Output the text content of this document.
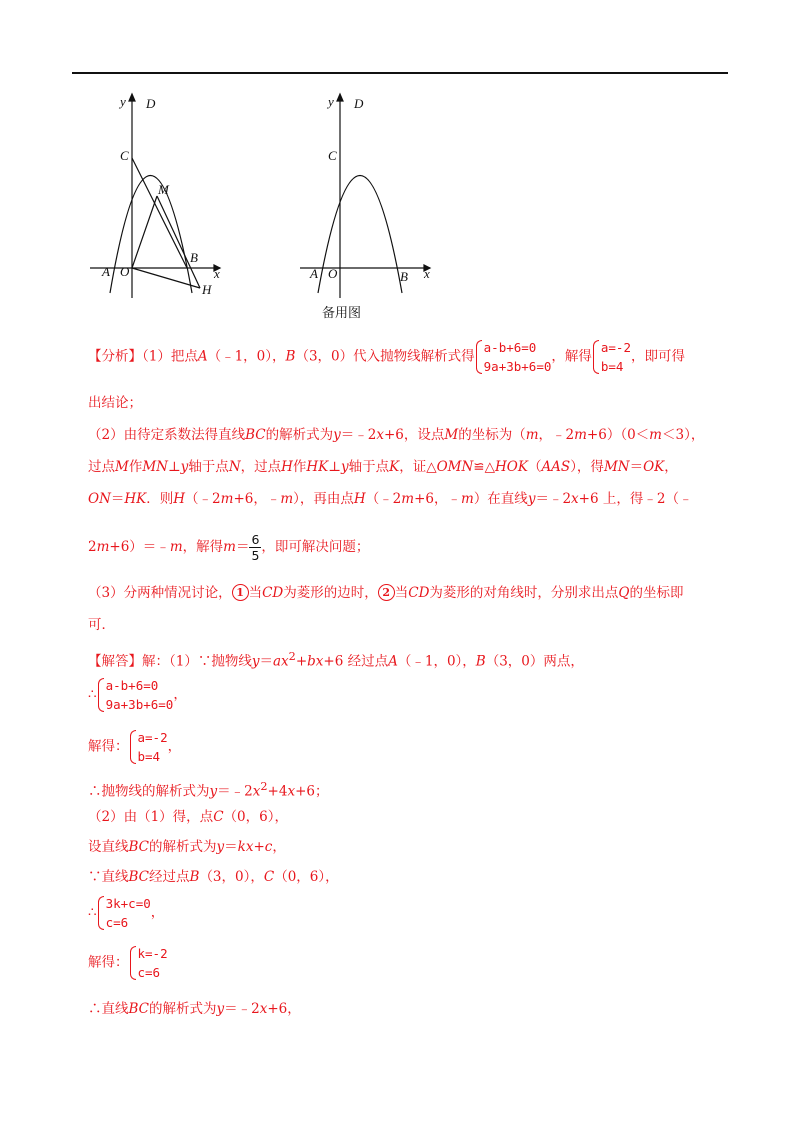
y D
C
M
B
A O	x
H
y D
C
B
A O	x
备用图
【分析】（1）把点A（﹣1，0），B（3，0）代入抛物线解析式得
a-b+6=0
9a+3b+6=0
，解得
a=-2
b=4
，即可得
出结论；
（2）由待定系数法得直线BC的解析式为y＝﹣2x+6，设点M的坐标为（m，﹣2m+6）（0＜m＜3），
过点M作MN⊥y轴于点N，过点H作HK⊥y轴于点K，证△OMN≌△HOK（AAS），得MN＝OK，
ON＝HK．则H（﹣2m+6，﹣m），再由点H（﹣2m+6，﹣m）在直线y＝﹣2x+6 上，得﹣2（﹣
2m+6）＝﹣m，解得$m= \frac{6}{5}$ ，即可解决问题；
（3）分两种情况讨论， 1 当CD为菱形的边时， 2 当CD为菱形的对角线时，分别求出点Q的坐标即
可．
【解答】解：（1）∵抛物线$y=ax^2+bx+6$ 经过点A（﹣1，0），B（3，0）两点，
∴
a-b+6=0
9a+3b+6=0
，
解得：
a=-2
b=4
，
∴抛物线的解析式为$y=﹣2x^2+4x+6$；
（2）由（1）得，点C（0，6），
设直线BC的解析式为y＝kx+c，
∵直线BC经过点B（3，0），C（0，6），
∴
3k+c=0
c=6
，
解得：
k=-2
c=6
∴直线BC的解析式为y＝﹣2x+6，
